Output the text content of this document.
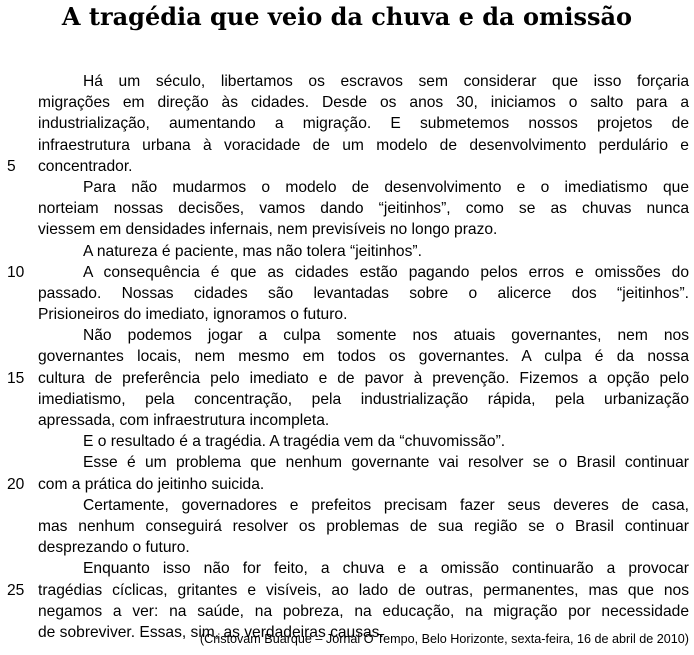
A tragédia que veio da chuva e da omissão
Há um século, libertamos os escravos sem considerar que isso forçaria
migrações em direção às cidades. Desde os anos 30, iniciamos o salto para a
industrialização, aumentando a migração. E submetemos nossos projetos de
infraestrutura urbana à voracidade de um modelo de desenvolvimento perdulário e
5	concentrador.
Para não mudarmos o modelo de desenvolvimento e o imediatismo que
norteiam nossas decisões, vamos dando “jeitinhos”, como se as chuvas nunca
viessem em densidades infernais, nem previsíveis no longo prazo.
A natureza é paciente, mas não tolera “jeitinhos”.
10	A consequência é que as cidades estão pagando pelos erros e omissões do
passado. Nossas cidades são levantadas sobre o alicerce dos “jeitinhos”.
Prisioneiros do imediato, ignoramos o futuro.
Não podemos jogar a culpa somente nos atuais governantes, nem nos
governantes locais, nem mesmo em todos os governantes. A culpa é da nossa
15 cultura de preferência pelo imediato e de pavor à prevenção. Fizemos a opção pelo
imediatismo, pela concentração, pela industrialização rápida, pela urbanização
apressada, com infraestrutura incompleta.
E o resultado é a tragédia. A tragédia vem da “chuvomissão”.
Esse é um problema que nenhum governante vai resolver se o Brasil continuar
20 com a prática do jeitinho suicida.
Certamente, governadores e prefeitos precisam fazer seus deveres de casa,
mas nenhum conseguirá resolver os problemas de sua região se o Brasil continuar
desprezando o futuro.
Enquanto isso não for feito, a chuva e a omissão continuarão a provocar
25 tragédias cíclicas, gritantes e visíveis, ao lado de outras, permanentes, mas que nos
negamos a ver: na saúde, na pobreza, na educação, na migração por necessidade
de sobreviver. Essas, sim, as verdadeiras causas.
(Cristovam Buarque – Jornal O Tempo, Belo Horizonte, sexta-feira, 16 de abril de 2010)
